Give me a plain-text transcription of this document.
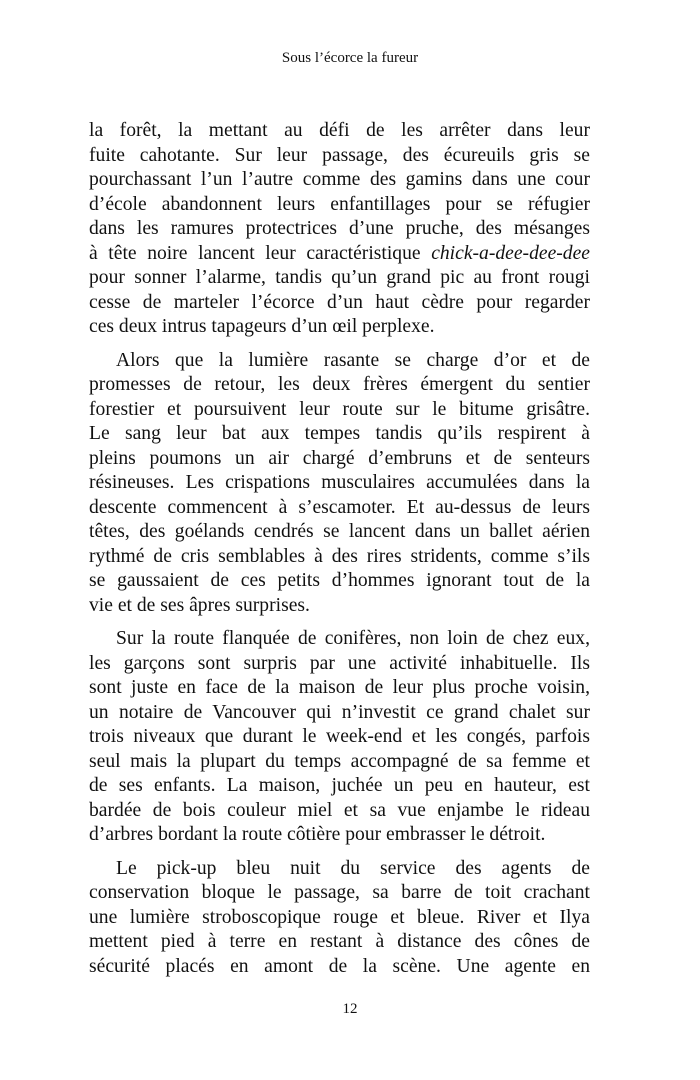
Sous l’écorce la fureur
la forêt, la mettant au défi de les arrêter dans leur
fuite cahotante. Sur leur passage, des écureuils gris se
pourchassant l’un l’autre comme des gamins dans une cour
d’école abandonnent leurs enfantillages pour se réfugier
dans les ramures protectrices d’une pruche, des mésanges
à tête noire lancent leur caractéristique chick-a-dee-dee-dee
pour sonner l’alarme, tandis qu’un grand pic au front rougi
cesse de marteler l’écorce d’un haut cèdre pour regarder
ces deux intrus tapageurs d’un œil perplexe.
Alors que la lumière rasante se charge d’or et de
promesses de retour, les deux frères émergent du sentier
forestier et poursuivent leur route sur le bitume grisâtre.
Le sang leur bat aux tempes tandis qu’ils respirent à
pleins poumons un air chargé d’embruns et de senteurs
résineuses. Les crispations musculaires accumulées dans la
descente commencent à s’escamoter. Et au-dessus de leurs
têtes, des goélands cendrés se lancent dans un ballet aérien
rythmé de cris semblables à des rires stridents, comme s’ils
se gaussaient de ces petits d’hommes ignorant tout de la
vie et de ses âpres surprises.
Sur la route flanquée de conifères, non loin de chez eux,
les garçons sont surpris par une activité inhabituelle. Ils
sont juste en face de la maison de leur plus proche voisin,
un notaire de Vancouver qui n’investit ce grand chalet sur
trois niveaux que durant le week-end et les congés, parfois
seul mais la plupart du temps accompagné de sa femme et
de ses enfants. La maison, juchée un peu en hauteur, est
bardée de bois couleur miel et sa vue enjambe le rideau
d’arbres bordant la route côtière pour embrasser le détroit.
Le pick-up bleu nuit du service des agents de
conservation bloque le passage, sa barre de toit crachant
une lumière stroboscopique rouge et bleue. River et Ilya
mettent pied à terre en restant à distance des cônes de
sécurité placés en amont de la scène. Une agente en
12
